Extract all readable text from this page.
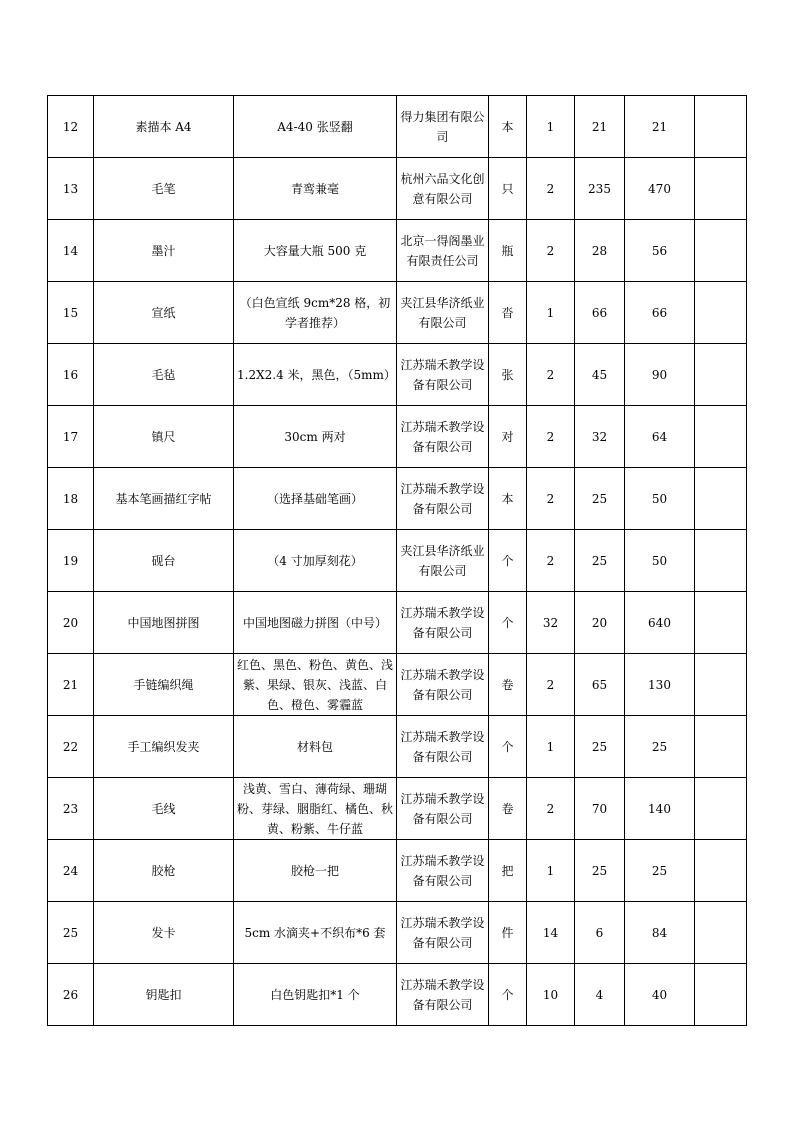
12	素描本 A4	A4-40 张竖翻	得力集团有限公司	本	1	21	21	
13	毛笔	青鸾兼毫	杭州六品文化创意有限公司	只	2	235	470	
14	墨汁	大容量大瓶 500 克	北京一得阁墨业有限责任公司	瓶	2	28	56	
15	宣纸	（白色宣纸 9cm*28 格，初学者推荐）	夹江县华济纸业有限公司	沓	1	66	66	
16	毛毡	1.2X2.4 米，黑色，（5mm）	江苏瑞禾教学设备有限公司	张	2	45	90	
17	镇尺	30cm 两对	江苏瑞禾教学设备有限公司	对	2	32	64	
18	基本笔画描红字帖	（选择基础笔画）	江苏瑞禾教学设备有限公司	本	2	25	50	
19	砚台	（4 寸加厚刻花）	夹江县华济纸业有限公司	个	2	25	50	
20	中国地图拼图	中国地图磁力拼图（中号）	江苏瑞禾教学设备有限公司	个	32	20	640	
21	手链编织绳	红色、黑色、粉色、黄色、浅紫、果绿、银灰、浅蓝、白色、橙色、雾霾蓝	江苏瑞禾教学设备有限公司	卷	2	65	130	
22	手工编织发夹	材料包	江苏瑞禾教学设备有限公司	个	1	25	25	
23	毛线	浅黄、雪白、薄荷绿、珊瑚粉、芽绿、胭脂红、橘色、秋黄、粉紫、牛仔蓝	江苏瑞禾教学设备有限公司	卷	2	70	140	
24	胶枪	胶枪一把	江苏瑞禾教学设备有限公司	把	1	25	25	
25	发卡	5cm 水滴夹+不织布*6 套	江苏瑞禾教学设备有限公司	件	14	6	84	
26	钥匙扣	白色钥匙扣*1 个	江苏瑞禾教学设备有限公司	个	10	4	40	
